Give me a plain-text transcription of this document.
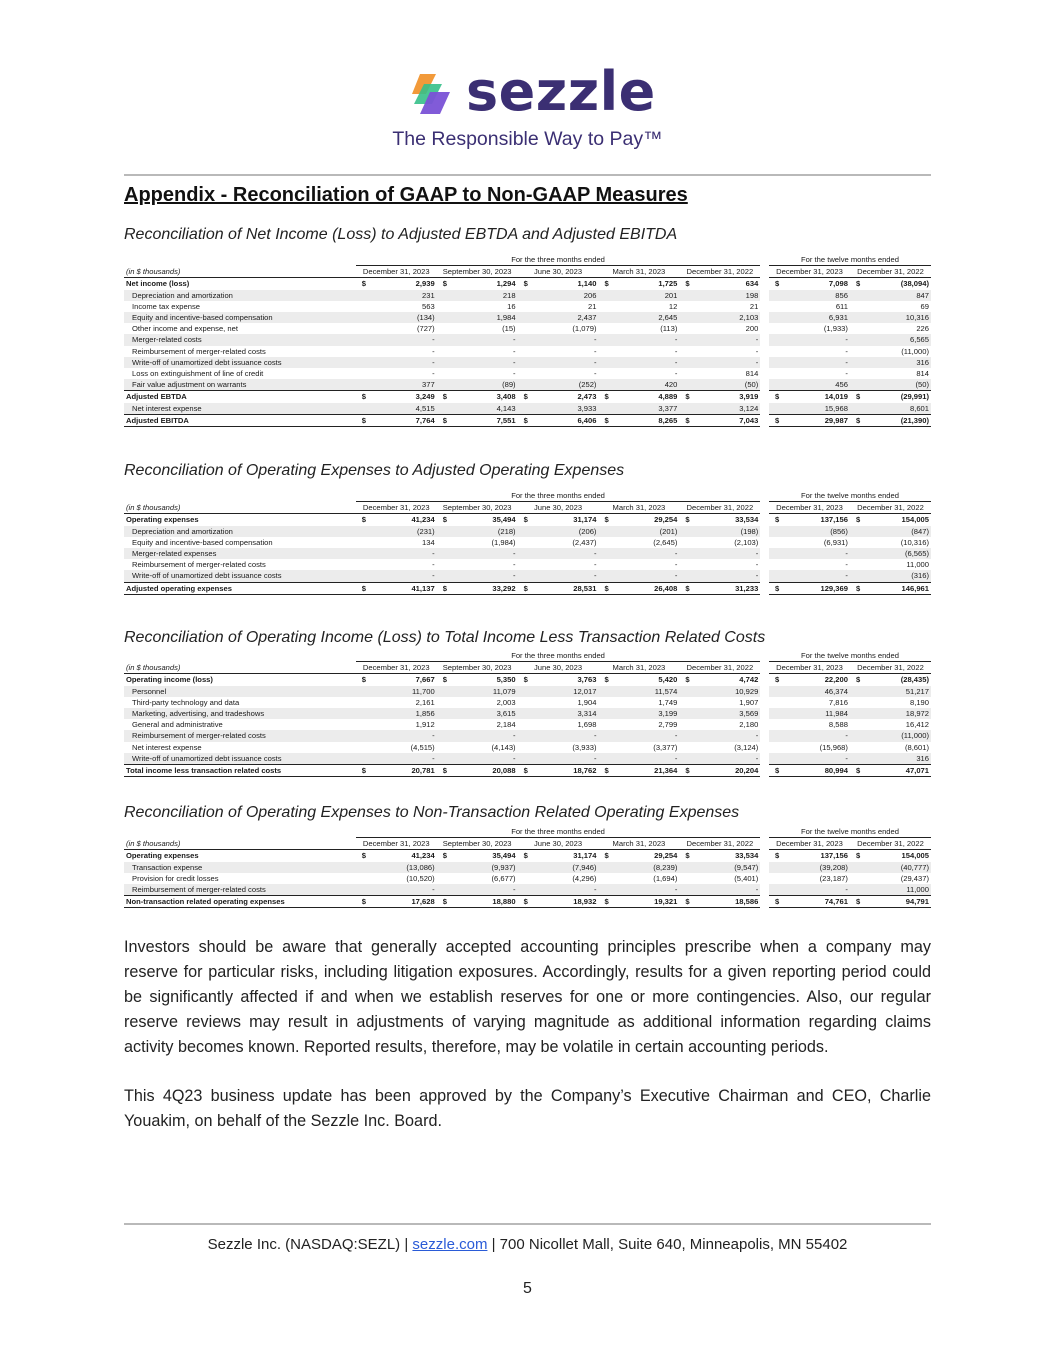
sezzle
The Responsible Way to Pay™
Appendix - Reconciliation of GAAP to Non-GAAP Measures
Reconciliation of Net Income (Loss) to Adjusted EBTDA and Adjusted EBITDA
	For the three months ended											For the twelve months ended			
(in $ thousands)	December 31, 2023		September 30, 2023		June 30, 2023		March 31, 2023		December 31, 2022			December 31, 2023		December 31, 2022	
Net income (loss)	$	2,939	$	1,294	$	1,140	$	1,725	$	634		$	7,098	$	(38,094)
Depreciation and amortization		231		218		206		201		198			856		847
Income tax expense		563		16		21		12		21			611		69
Equity and incentive-based compensation		(134)		1,984		2,437		2,645		2,103			6,931		10,316
Other income and expense, net		(727)		(15)		(1,079)		(113)		200			(1,933)		226
Merger-related costs		-		-		-		-		-			-		6,565
Reimbursement of merger-related costs		-		-		-		-		-			-		(11,000)
Write-off of unamortized debt issuance costs		-		-		-		-		-			-		316
Loss on extinguishment of line of credit		-		-		-		-		814			-		814
Fair value adjustment on warrants		377		(89)		(252)		420		(50)			456		(50)
Adjusted EBTDA	$	3,249	$	3,408	$	2,473	$	4,889	$	3,919		$	14,019	$	(29,991)
Net interest expense		4,515		4,143		3,933		3,377		3,124			15,968		8,601
Adjusted EBITDA	$	7,764	$	7,551	$	6,406	$	8,265	$	7,043		$	29,987	$	(21,390)
Reconciliation of Operating Expenses to Adjusted Operating Expenses
	For the three months ended											For the twelve months ended			
(in $ thousands)	December 31, 2023		September 30, 2023		June 30, 2023		March 31, 2023		December 31, 2022			December 31, 2023		December 31, 2022	
Operating expenses	$	41,234	$	35,494	$	31,174	$	29,254	$	33,534		$	137,156	$	154,005
Depreciation and amortization		(231)		(218)		(206)		(201)		(198)			(856)		(847)
Equity and incentive-based compensation		134		(1,984)		(2,437)		(2,645)		(2,103)			(6,931)		(10,316)
Merger-related expenses		-		-		-		-		-			-		(6,565)
Reimbursement of merger-related costs		-		-		-		-		-			-		11,000
Write-off of unamortized debt issuance costs		-		-		-		-		-			-		(316)
Adjusted operating expenses	$	41,137	$	33,292	$	28,531	$	26,408	$	31,233		$	129,369	$	146,961
Reconciliation of Operating Income (Loss) to Total Income Less Transaction Related Costs
	For the three months ended											For the twelve months ended			
(in $ thousands)	December 31, 2023		September 30, 2023		June 30, 2023		March 31, 2023		December 31, 2022			December 31, 2023		December 31, 2022	
Operating income (loss)	$	7,667	$	5,350	$	3,763	$	5,420	$	4,742		$	22,200	$	(28,435)
Personnel		11,700		11,079		12,017		11,574		10,929			46,374		51,217
Third-party technology and data		2,161		2,003		1,904		1,749		1,907			7,816		8,190
Marketing, advertising, and tradeshows		1,856		3,615		3,314		3,199		3,569			11,984		18,972
General and administrative		1,912		2,184		1,698		2,799		2,180			8,588		16,412
Reimbursement of merger-related costs		-		-		-		-		-			-		(11,000)
Net interest expense		(4,515)		(4,143)		(3,933)		(3,377)		(3,124)			(15,968)		(8,601)
Write-off of unamortized debt issuance costs		-		-		-		-		-			-		316
Total income less transaction related costs	$	20,781	$	20,088	$	18,762	$	21,364	$	20,204		$	80,994	$	47,071
Reconciliation of Operating Expenses to Non-Transaction Related Operating Expenses
	For the three months ended											For the twelve months ended			
(in $ thousands)	December 31, 2023		September 30, 2023		June 30, 2023		March 31, 2023		December 31, 2022			December 31, 2023		December 31, 2022	
Operating expenses	$	41,234	$	35,494	$	31,174	$	29,254	$	33,534		$	137,156	$	154,005
Transaction expense		(13,086)		(9,937)		(7,946)		(8,239)		(9,547)			(39,208)		(40,777)
Provision for credit losses		(10,520)		(6,677)		(4,296)		(1,694)		(5,401)			(23,187)		(29,437)
Reimbursement of merger-related costs		-		-		-		-		-			-		11,000
Non-transaction related operating expenses	$	17,628	$	18,880	$	18,932	$	19,321	$	18,586		$	74,761	$	94,791
Investors should be aware that generally accepted accounting principles prescribe when a company may reserve for particular risks, including litigation exposures. Accordingly, results for a given reporting period could be significantly affected if and when we establish reserves for one or more contingencies. Also, our regular reserve reviews may result in adjustments of varying magnitude as additional information regarding claims activity becomes known. Reported results, therefore, may be volatile in certain accounting periods.
This 4Q23 business update has been approved by the Company’s Executive Chairman and CEO, Charlie Youakim, on behalf of the Sezzle Inc. Board.
Sezzle Inc. (NASDAQ:SEZL) | sezzle.com | 700 Nicollet Mall, Suite 640, Minneapolis, MN 55402
5
